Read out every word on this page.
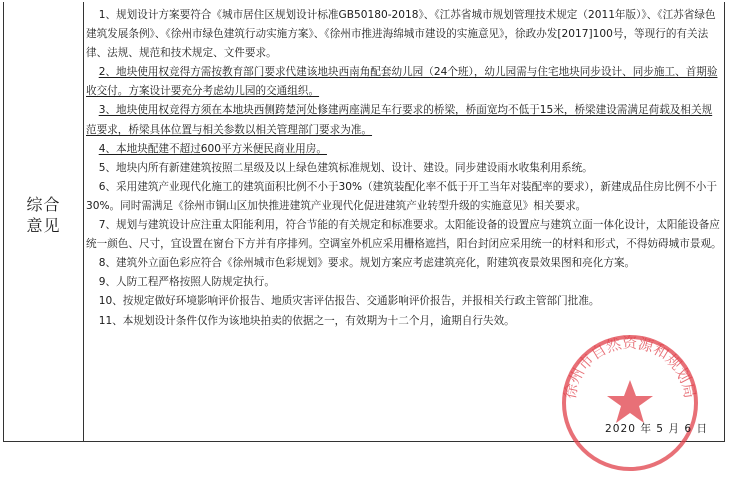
综合
意见

1、规划设计方案要符合《城市居住区规划设计标准GB50180-2018》、《江苏省城市规划管理技术规定（2011年版）》、《江苏省绿色建筑发展条例》、《徐州市绿色建筑行动实施方案》、《徐州市推进海绵城市建设的实施意见》，徐政办发[2017]100号，等现行的有关法律、法规、规范和技术规定、文件要求。

2、地块使用权竞得方需按教育部门要求代建该地块西南角配套幼儿园（24个班），幼儿园需与住宅地块同步设计、同步施工、首期验收交付。方案设计要充分考虑幼儿园的交通组织。

3、地块使用权竞得方须在本地块西侧跨楚河处修建两座满足车行要求的桥梁，桥面宽均不低于15米，桥梁建设需满足荷载及相关规范要求，桥梁具体位置与相关参数以相关管理部门要求为准。

4、本地块配建不超过600平方米便民商业用房。

5、地块内所有新建建筑按照二星级及以上绿色建筑标准规划、设计、建设。同步建设雨水收集利用系统。

6、采用建筑产业现代化施工的建筑面积比例不小于30%（建筑装配化率不低于开工当年对装配率的要求），新建成品住房比例不小于30%。同时需满足《徐州市铜山区加快推进建筑产业现代化促进建筑产业转型升级的实施意见》相关要求。

7、规划与建筑设计应注重太阳能利用，符合节能的有关规定和标准要求。太阳能设备的设置应与建筑立面一体化设计，太阳能设备应统一颜色、尺寸，宜设置在窗台下方并有序排列。空调室外机应采用栅格遮挡，阳台封闭应采用统一的材料和形式，不得妨碍城市景观。

8、建筑外立面色彩应符合《徐州城市色彩规划》要求。规划方案应考虑建筑亮化，附建筑夜景效果图和亮化方案。

9、人防工程严格按照人防规定执行。

10、按规定做好环境影响评价报告、地质灾害评估报告、交通影响评价报告，并报相关行政主管部门批准。

11、本规划设计条件仅作为该地块拍卖的依据之一，有效期为十二个月，逾期自行失效。

徐州市自然资源和规划局
2020 年 5 月 6 日
